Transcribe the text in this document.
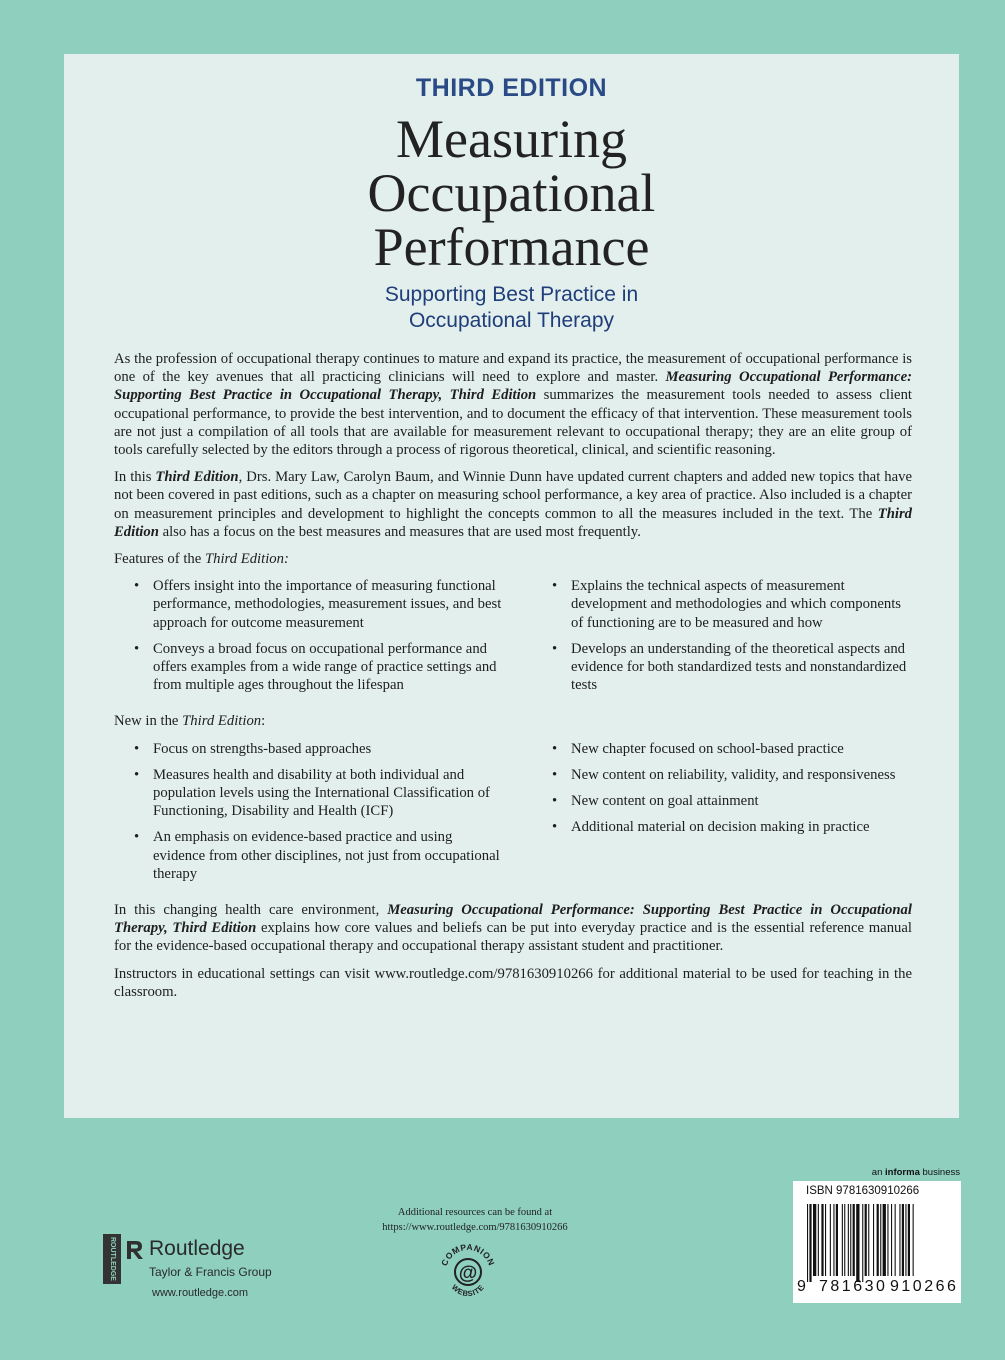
THIRD EDITION
Measuring
Occupational
Performance
Supporting Best Practice in
Occupational Therapy

As the profession of occupational therapy continues to mature and expand its practice, the measurement of occupational performance is one of the key avenues that all practicing clinicians will need to explore and master. Measuring Occupational Performance: Supporting Best Practice in Occupational Therapy, Third Edition summarizes the measurement tools needed to assess client occupational performance, to provide the best intervention, and to document the efficacy of that intervention. These measurement tools are not just a compilation of all tools that are available for measurement relevant to occupational therapy; they are an elite group of tools carefully selected by the editors through a process of rigorous theoretical, clinical, and scientific reasoning.

In this Third Edition, Drs. Mary Law, Carolyn Baum, and Winnie Dunn have updated current chapters and added new topics that have not been covered in past editions, such as a chapter on measuring school performance, a key area of practice. Also included is a chapter on measurement principles and development to highlight the concepts common to all the measures included in the text. The Third Edition also has a focus on the best measures and measures that are used most frequently.

Features of the Third Edition:

• Offers insight into the importance of measuring functional performance, methodologies, measurement issues, and best approach for outcome measurement
• Conveys a broad focus on occupational performance and offers examples from a wide range of practice settings and from multiple ages throughout the lifespan
• Explains the technical aspects of measurement development and methodologies and which components of functioning are to be measured and how
• Develops an understanding of the theoretical aspects and evidence for both standardized tests and nonstandardized tests

New in the Third Edition:

• Focus on strengths-based approaches
• Measures health and disability at both individual and population levels using the International Classification of Functioning, Disability and Health (ICF)
• An emphasis on evidence-based practice and using evidence from other disciplines, not just from occupational therapy
• New chapter focused on school-based practice
• New content on reliability, validity, and responsiveness
• New content on goal attainment
• Additional material on decision making in practice

In this changing health care environment, Measuring Occupational Performance: Supporting Best Practice in Occupational Therapy, Third Edition explains how core values and beliefs can be put into everyday practice and is the essential reference manual for the evidence-based occupational therapy and occupational therapy assistant student and practitioner.

Instructors in educational settings can visit www.routledge.com/9781630910266 for additional material to be used for teaching in the classroom.

ROUTLEDGE Routledge
Taylor & Francis Group
www.routledge.com
Additional resources can be found at
https://www.routledge.com/9781630910266
COMPANION
@
WEBSITE
an informa business
ISBN 9781630910266
9 781630 910266
